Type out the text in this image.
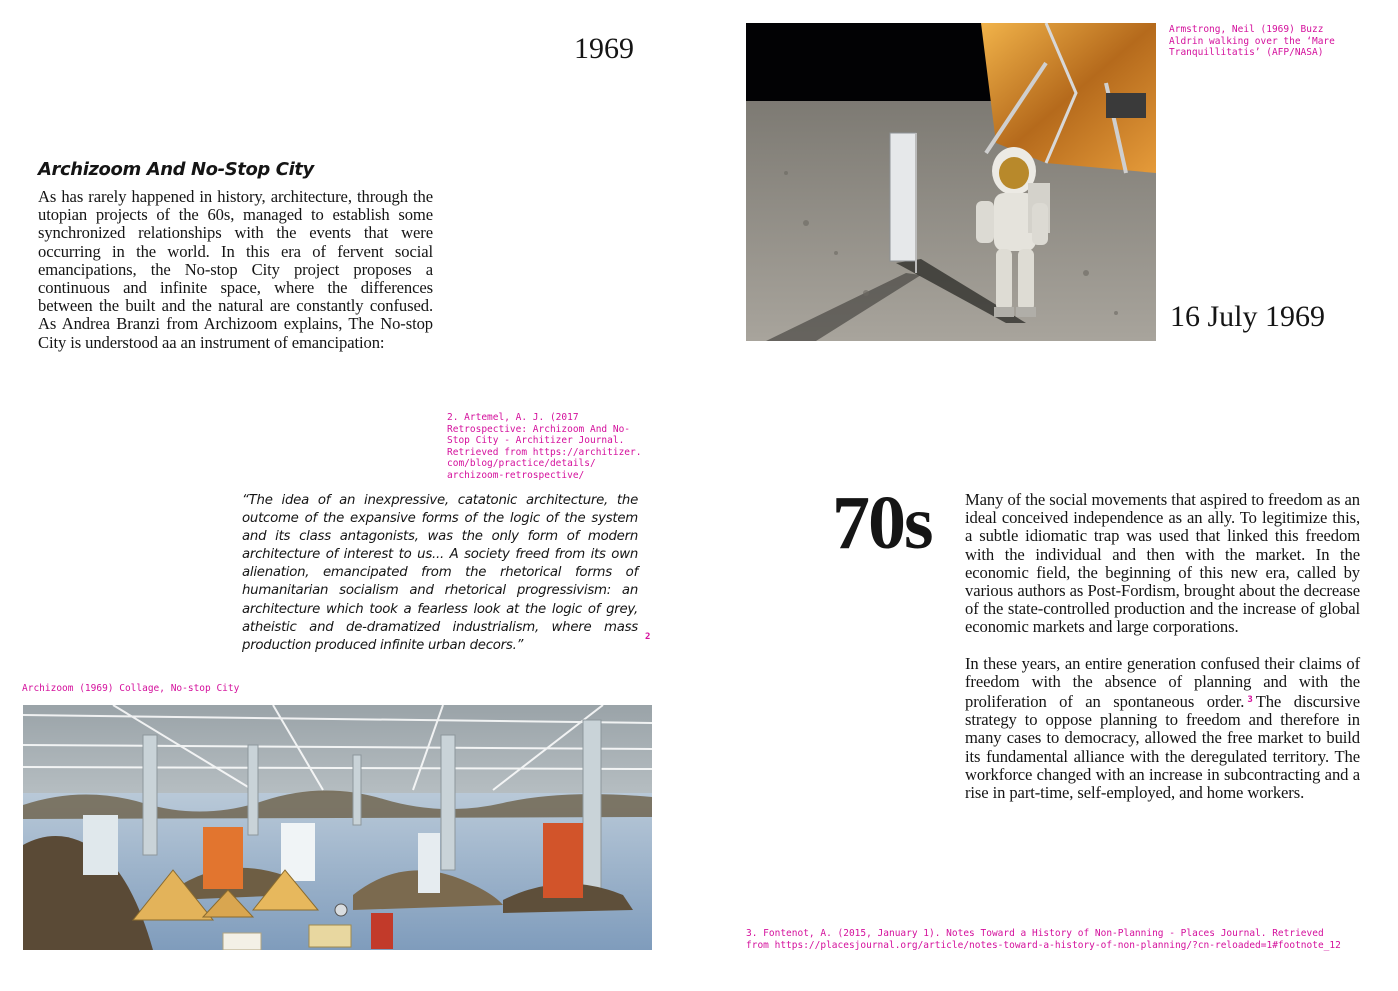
1969
Archizoom And No-Stop City

As has rarely happened in history, architecture, through the utopian projects of the 60s, managed to establish some synchronized relationships with the events that were occurring in the world. In this era of fervent social emancipations, the No-stop City project proposes a continuous and infinite space, where the differences between the built and the natural are constantly confused. As Andrea Branzi from Archizoom explains, The No-stop City is understood aa an instrument of emancipation:

2. Artemel, A. J. (2017
Retrospective: Archizoom And No-
Stop City - Architizer Journal.
Retrieved from https://architizer.
com/blog/practice/details/
archizoom-retrospective/

“The idea of an inexpressive, catatonic architecture, the outcome of the expansive forms of the logic of the system and its class antagonists, was the only form of modern architecture of interest to us... A society freed from its own alienation, emancipated from the rhetorical forms of humanitarian socialism and rhetorical progressivism: an architecture which took a fearless look at the logic of grey, atheistic and de-dramatized industrialism, where mass production produced infinite urban decors.”

2
Archizoom (1969) Collage, No-stop City
Armstrong, Neil (1969) Buzz
Aldrin walking over the ‘Mare
Tranquillitatis’ (AFP/NASA)
16 July 1969
70s Many of the social movements that aspired to freedom as an ideal conceived independence as an ally. To legitimize this, a subtle idiomatic trap was used that linked this freedom with the individual and then with the market. In the economic field, the beginning of this new era, called by various authors as Post-Fordism, brought about the decrease of the state-controlled production and the increase of global economic markets and large corporations.

In these years, an entire generation confused their claims of freedom with the absence of planning and with the proliferation of an spontaneous order. $^3$ The discursive strategy to oppose planning to freedom and therefore in many cases to democracy, allowed the free market to build its fundamental alliance with the deregulated territory. The workforce changed with an increase in subcontracting and a rise in part-time, self-employed, and home workers.

3. Fontenot, A. (2015, January 1). Notes Toward a History of Non-Planning - Places Journal. Retrieved
from https://placesjournal.org/article/notes-toward-a-history-of-non-planning/?cn-reloaded=1#footnote_12
